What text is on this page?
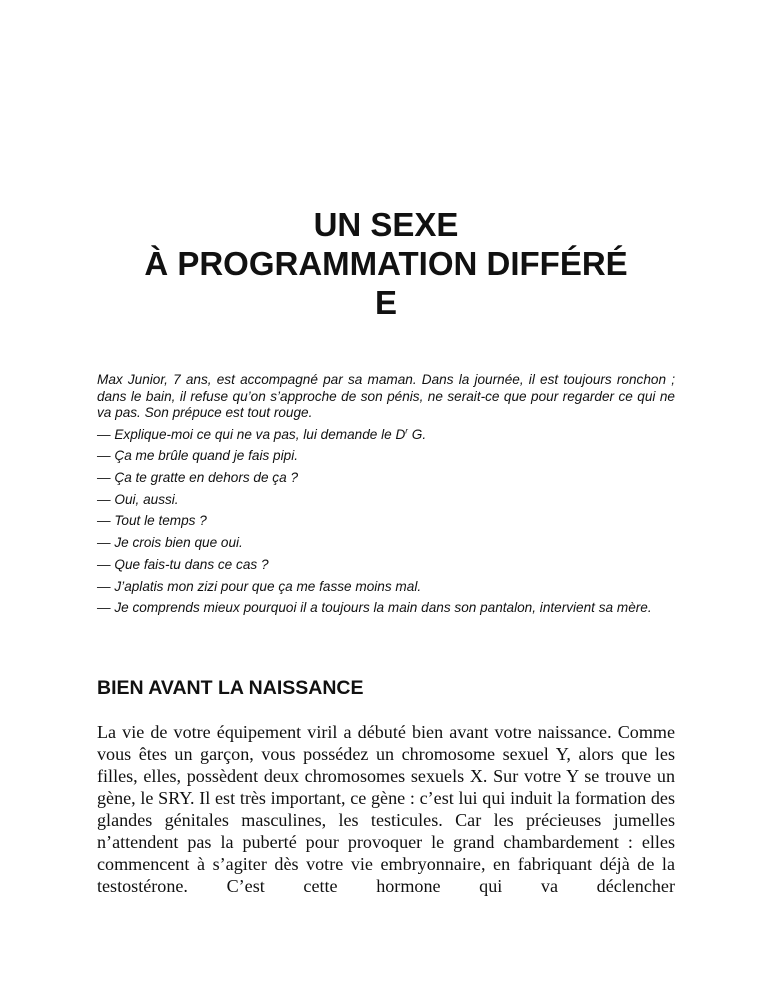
UN SEXE
À PROGRAMMATION DIFFÉRÉ
E

Max Junior, 7 ans, est accompagné par sa maman. Dans la journée, il est toujours ronchon ; dans le bain, il refuse qu’on s’approche de son pénis, ne serait-ce que pour regarder ce qui ne va pas. Son prépuce est tout rouge.

— Explique-moi ce qui ne va pas, lui demande le $D^r$ G.

— Ça me brûle quand je fais pipi.

— Ça te gratte en dehors de ça ?

— Oui, aussi.

— Tout le temps ?

— Je crois bien que oui.

— Que fais-tu dans ce cas ?

— J’aplatis mon zizi pour que ça me fasse moins mal.

— Je comprends mieux pourquoi il a toujours la main dans son pantalon, intervient sa mère.

BIEN AVANT LA NAISSANCE

La vie de votre équipement viril a débuté bien avant votre naissance. Comme vous êtes un garçon, vous possédez un chromosome sexuel Y, alors que les filles, elles, possèdent deux chromosomes sexuels X. Sur votre Y se trouve un gène, le SRY. Il est très important, ce gène : c’est lui qui induit la formation des glandes génitales masculines, les testicules. Car les précieuses jumelles n’attendent pas la puberté pour provoquer le grand chambardement : elles commencent à s’agiter dès votre vie embryonnaire, en fabriquant déjà de la testostérone. C’est cette hormone qui va déclencher
